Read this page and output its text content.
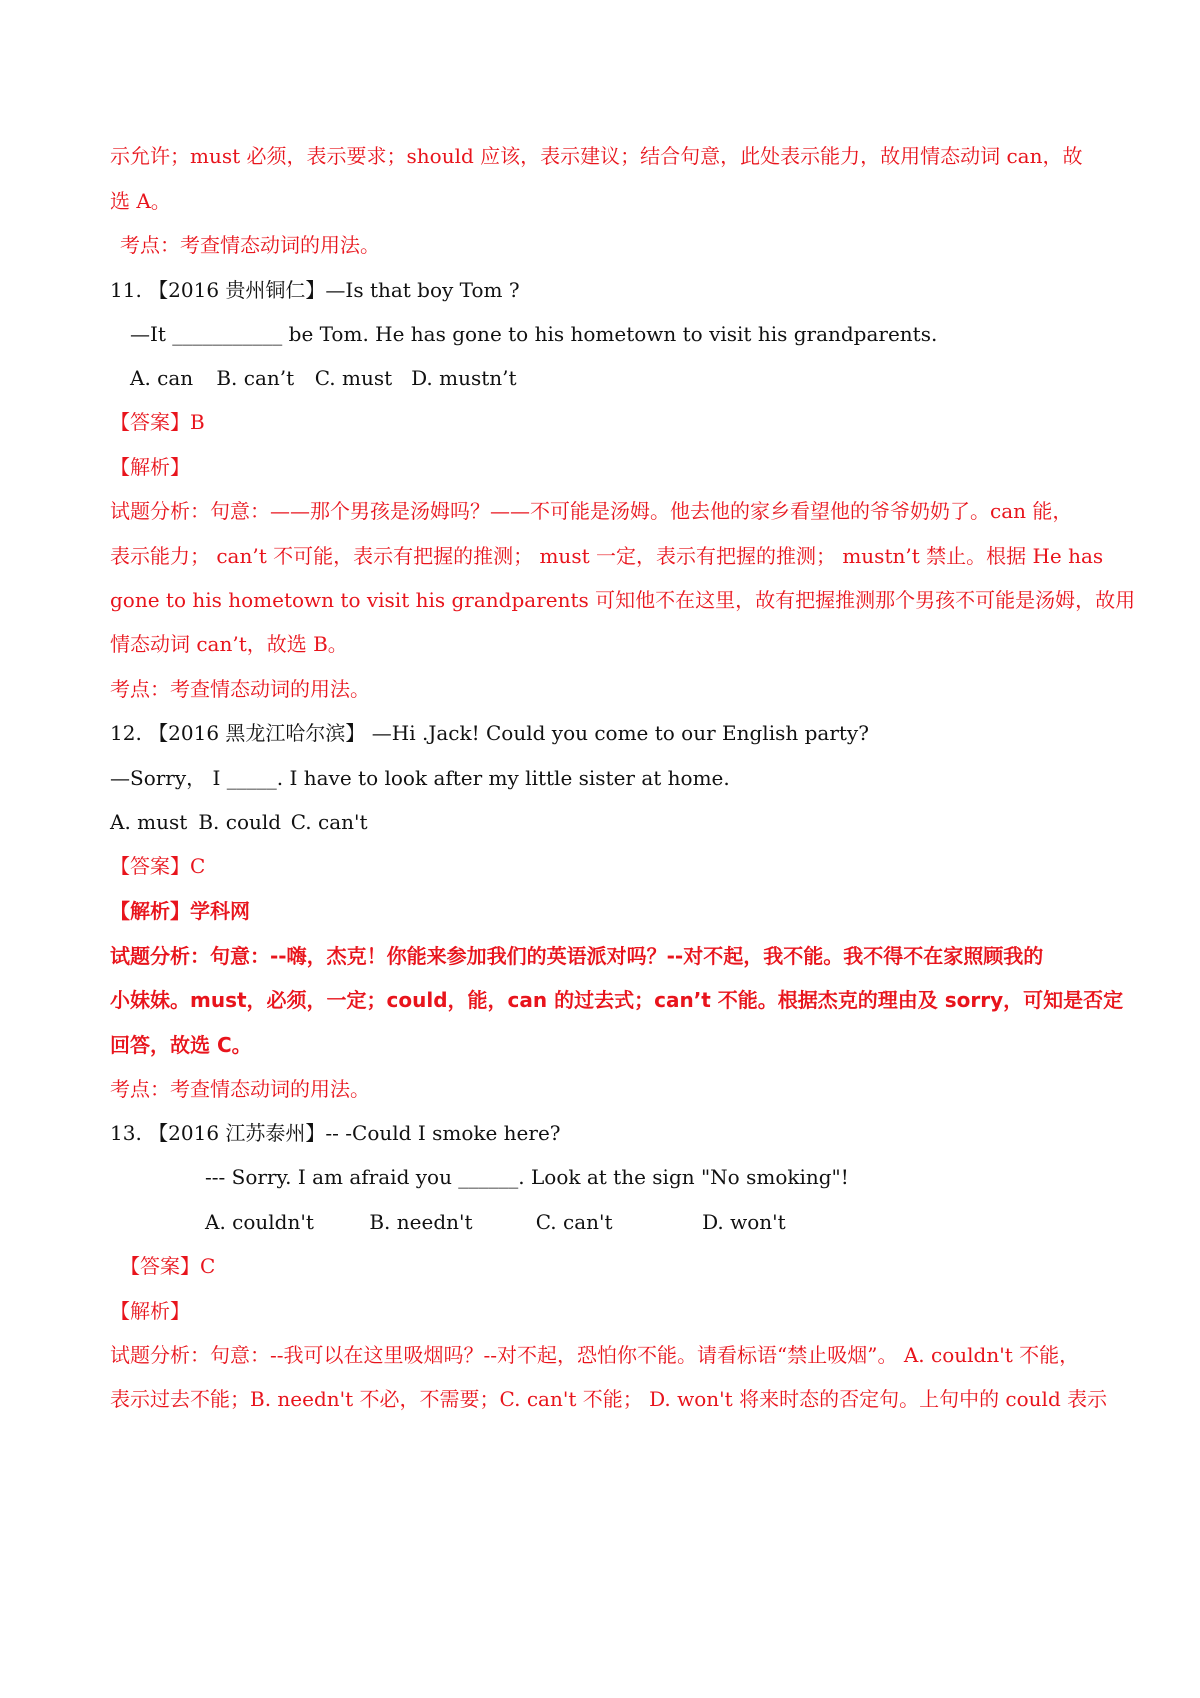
示允许；must 必须，表示要求；should 应该，表示建议；结合句意，此处表示能力，故用情态动词 can，故
选 A。
考点：考查情态动词的用法。
11. 【2016 贵州铜仁】—Is that boy Tom ?
—It ___________ be Tom. He has gone to his hometown to visit his grandparents.
A. can B. can’t C. must D. mustn’t
【答案】B
【解析】
试题分析：句意：——那个男孩是汤姆吗？——不可能是汤姆。他去他的家乡看望他的爷爷奶奶了。can 能，
表示能力； can’t 不可能，表示有把握的推测； must 一定，表示有把握的推测； mustn’t 禁止。根据 He has
gone to his hometown to visit his grandparents 可知他不在这里，故有把握推测那个男孩不可能是汤姆，故用
情态动词 can’t，故选 B。
考点：考查情态动词的用法。
12. 【2016 黑龙江哈尔滨】 —Hi .Jack! Could you come to our English party?
—Sorry， I _____. I have to look after my little sister at home.
A. must B. could C. can't
【答案】C
【解析】学科网
试题分析：句意：--嗨，杰克！你能来参加我们的英语派对吗？--对不起，我不能。我不得不在家照顾我的
小妹妹。must，必须，一定；could，能，can 的过去式；can’t 不能。根据杰克的理由及 sorry，可知是否定
回答，故选 C。
考点：考查情态动词的用法。
13. 【2016 江苏泰州】-- -Could I smoke here?
--- Sorry. I am afraid you ______. Look at the sign "No smoking"!
A. couldn't	B. needn't	C. can't	D. won't
【答案】C
【解析】
试题分析：句意：--我可以在这里吸烟吗？--对不起，恐怕你不能。请看标语“禁止吸烟”。 A. couldn't 不能，
表示过去不能；B. needn't 不必，不需要；C. can't 不能； D. won't 将来时态的否定句。上句中的 could 表示
